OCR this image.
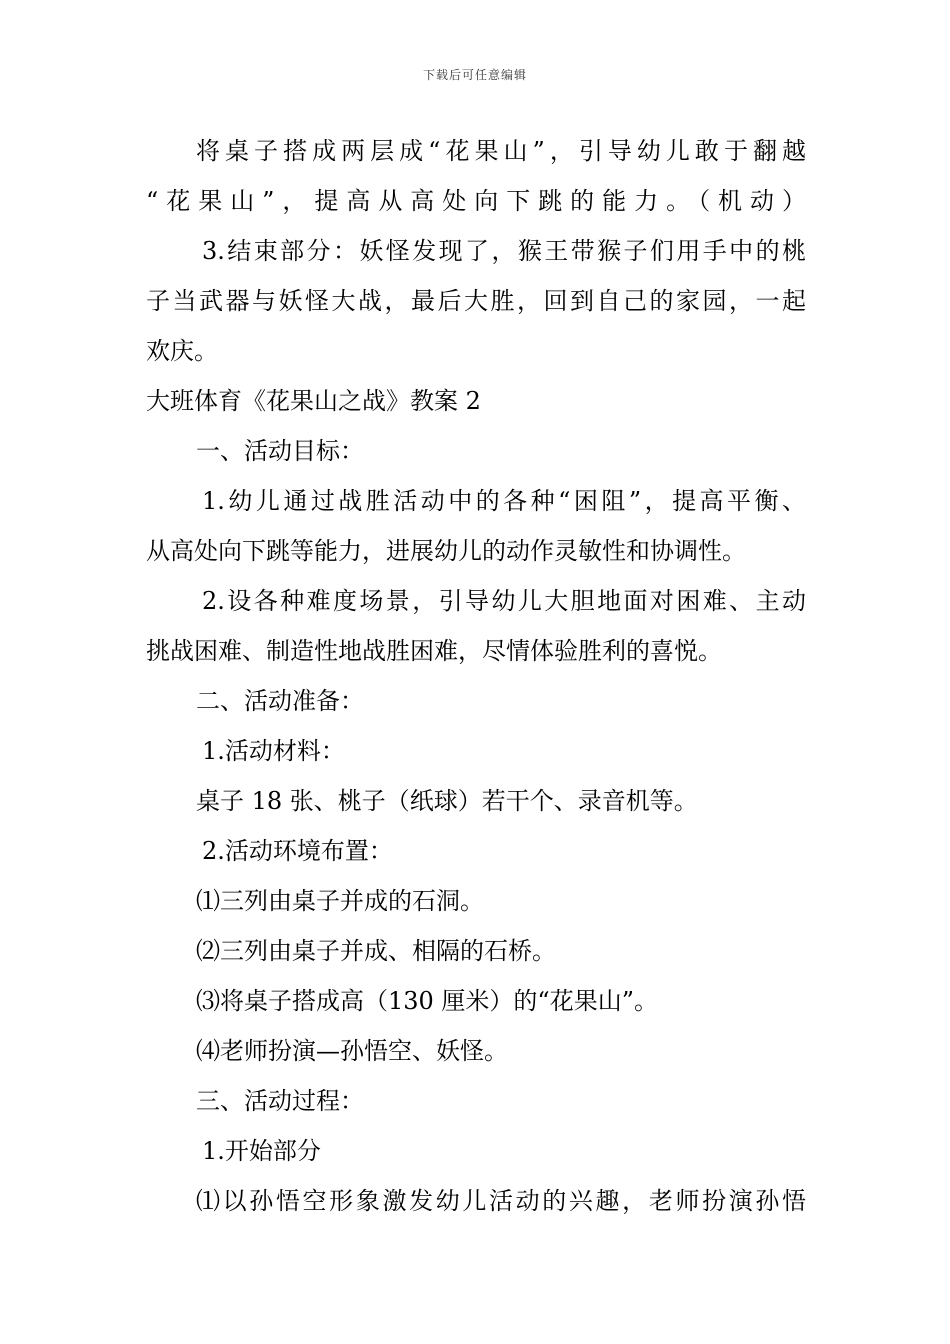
下载后可任意编辑
将桌子搭成两层成“花果山”，引导幼儿敢于翻越
“花果山”，提高从高处向下跳的能力。（机动）
3.结束部分：妖怪发现了，猴王带猴子们用手中的桃
子当武器与妖怪大战，最后大胜，回到自己的家园，一起
欢庆。
大班体育《花果山之战》教案 2
一、活动目标：
1.幼儿通过战胜活动中的各种“困阻”，提高平衡、
从高处向下跳等能力，进展幼儿的动作灵敏性和协调性。
2.设各种难度场景，引导幼儿大胆地面对困难、主动
挑战困难、制造性地战胜困难，尽情体验胜利的喜悦。
二、活动准备：
1.活动材料：
桌子 18 张、桃子（纸球）若干个、录音机等。
2.活动环境布置：
⑴三列由桌子并成的石洞。
⑵三列由桌子并成、相隔的石桥。
⑶将桌子搭成高（130 厘米）的“花果山”。
⑷老师扮演—孙悟空、妖怪。
三、活动过程：
1.开始部分
⑴以孙悟空形象激发幼儿活动的兴趣，老师扮演孙悟
